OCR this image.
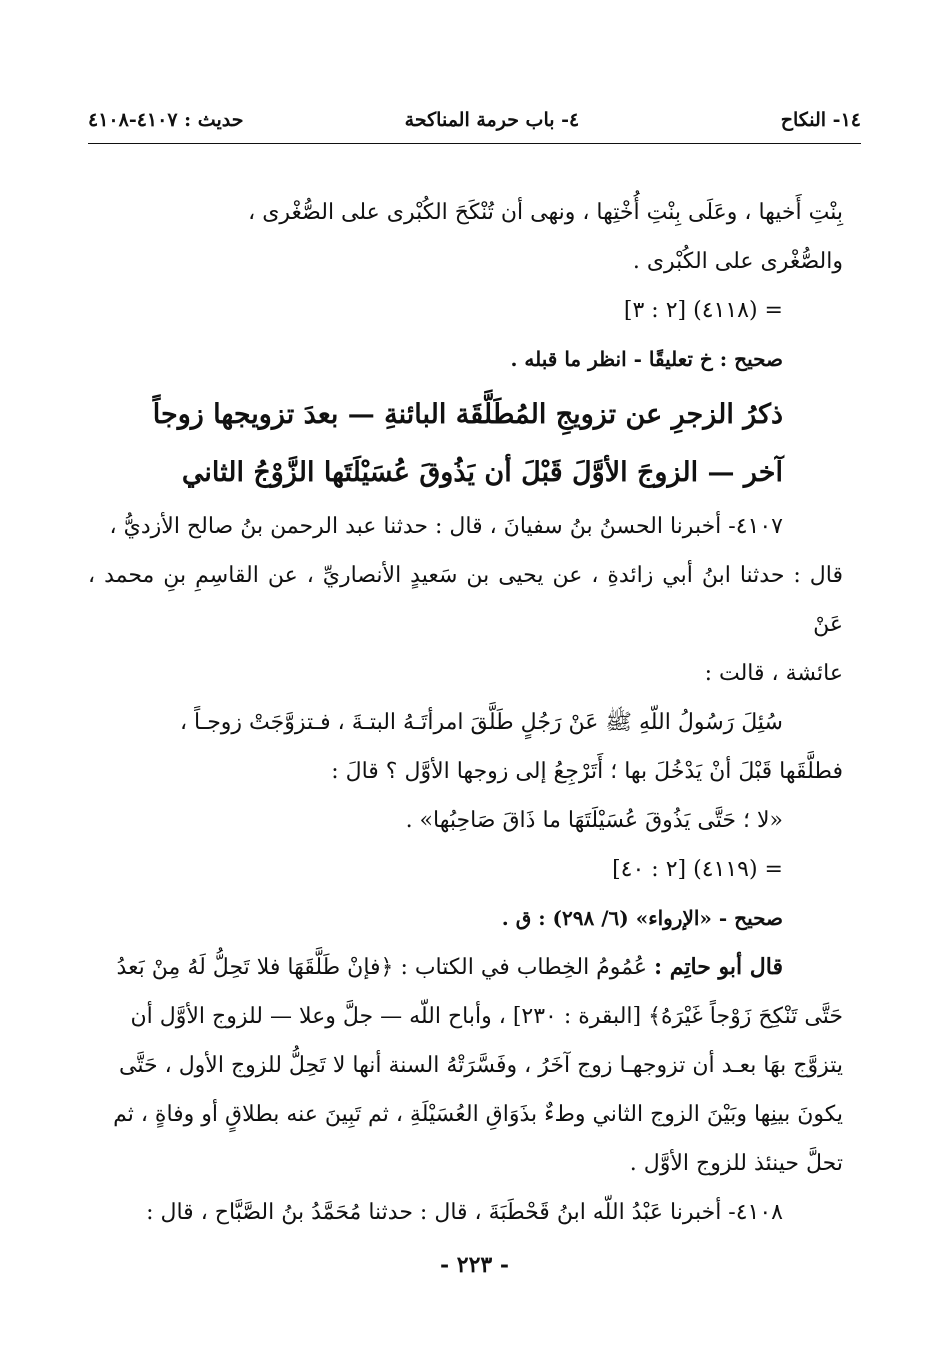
١٤- النكاح
٤- باب حرمة المناكحة
حديث : ٤١٠٧-٤١٠٨

بِنْتِ أَخيها ، وعَلَى بِنْتِ أُخْتِها ، ونهى أن تُنْكَحَ الكُبْرى على الصُّغْرى ،

والصُّغْرى على الكُبْرى .

= (٤١١٨) [٢ : ٣]

صحيح : خ تعليقًا - انظر ما قبله .

ذكرُ الزجرِ عن تزويجِ المُطَلَّقَة البائنةِ — بعدَ تزويجها زوجاً

آخر — الزوجَ الأوَّلَ قَبْلَ أن يَذُوقَ عُسَيْلَتَها الزَّوْجُ الثاني

٤١٠٧- أخبرنا الحسنُ بنُ سفيانَ ، قال : حدثنا عبد الرحمن بنُ صالح الأزديُّ ،

قال : حدثنا ابنُ أبي زائدةِ ، عن يحيى بن سَعيدٍ الأنصاريِّ ، عن القاسِمِ بنِ محمد ، عَنْ

عائشة ، قالت :

سُئِلَ رَسُولُ اللّهِ ﷺ عَنْ رَجُلٍ طَلَّقَ امرأتَـهُ البتـةَ ، فـتزوَّجَتْ زوجـاً ،

فطلَّقَها قَبْلَ أنْ يَدْخُلَ بها ؛ أَتَرْجِعُ إلى زوجها الأوَّل ؟ قالَ :

«لا ؛ حَتَّى يَذُوقَ عُسَيْلَتَهَا ما ذَاقَ صَاحِبُها» .

= (٤١١٩) [٢ : ٤٠]

صحيح - «الإرواء» (٦/ ٢٩٨) : ق .

قال أبو حاتِم : عُمُومُ الخِطاب في الكتاب : ﴿فإنْ طَلَّقَهَا فلا تَحِلُّ لَهُ مِنْ بَعدُ

حَتَّى تَنْكِحَ زَوْجاً غَيْرَهُ﴾ [البقرة : ٢٣٠] ، وأباح اللّه — جلَّ وعلا — للزوج الأوَّل أن

يتزوَّج بهَا بعـد أن تزوجهـا زوج آخَرُ ، وفَسَّرَتْهُ السنة أنها لا تَحِلُّ للزوج الأول ، حَتَّى

يكونَ بينِها وبَيْنَ الزوج الثاني وطءٌ بذَوَاقِ العُسَيْلَةِ ، ثم تَبِينَ عنه بطلاقٍ أو وفاةٍ ، ثم

تحلَّ حينئذ للزوج الأوَّل .

٤١٠٨- أخبرنا عَبْدُ اللّه ابنُ قَحْطَبَةَ ، قال : حدثنا مُحَمَّدُ بنُ الصَّبَّاح ، قال :

- ٢٢٣ -
